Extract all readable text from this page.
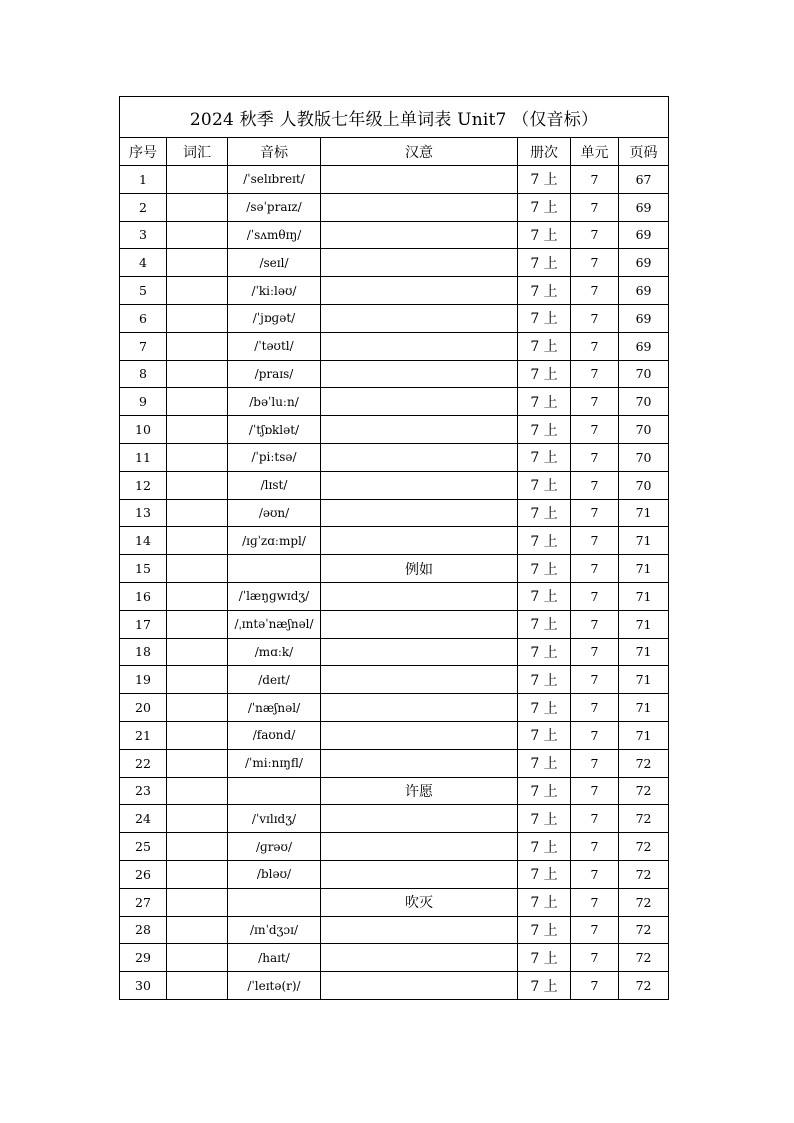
2024 秋季 人教版七年级上单词表 Unit7 （仅音标）						
序号	词汇	音标	汉意	册次	单元	页码
1		/ˈselɪbreɪt/		7 上	7	67
2		/səˈpraɪz/		7 上	7	69
3		/ˈsʌmθɪŋ/		7 上	7	69
4		/seɪl/		7 上	7	69
5		/ˈkiːləʊ/		7 上	7	69
6		/ˈjɒɡət/		7 上	7	69
7		/ˈtəʊtl/		7 上	7	69
8		/praɪs/		7 上	7	70
9		/bəˈluːn/		7 上	7	70
10		/ˈtʃɒklət/		7 上	7	70
11		/ˈpiːtsə/		7 上	7	70
12		/lɪst/		7 上	7	70
13		/əʊn/		7 上	7	71
14		/ɪɡˈzɑːmpl/		7 上	7	71
15			例如	7 上	7	71
16		/ˈlæŋɡwɪdʒ/		7 上	7	71
17		/ˌɪntəˈnæʃnəl/		7 上	7	71
18		/mɑːk/		7 上	7	71
19		/deɪt/		7 上	7	71
20		/ˈnæʃnəl/		7 上	7	71
21		/faʊnd/		7 上	7	71
22		/ˈmiːnɪŋfl/		7 上	7	72
23			许愿	7 上	7	72
24		/ˈvɪlɪdʒ/		7 上	7	72
25		/ɡrəʊ/		7 上	7	72
26		/bləʊ/		7 上	7	72
27			吹灭	7 上	7	72
28		/ɪnˈdʒɔɪ/		7 上	7	72
29		/haɪt/		7 上	7	72
30		/ˈleɪtə(r)/		7 上	7	72
